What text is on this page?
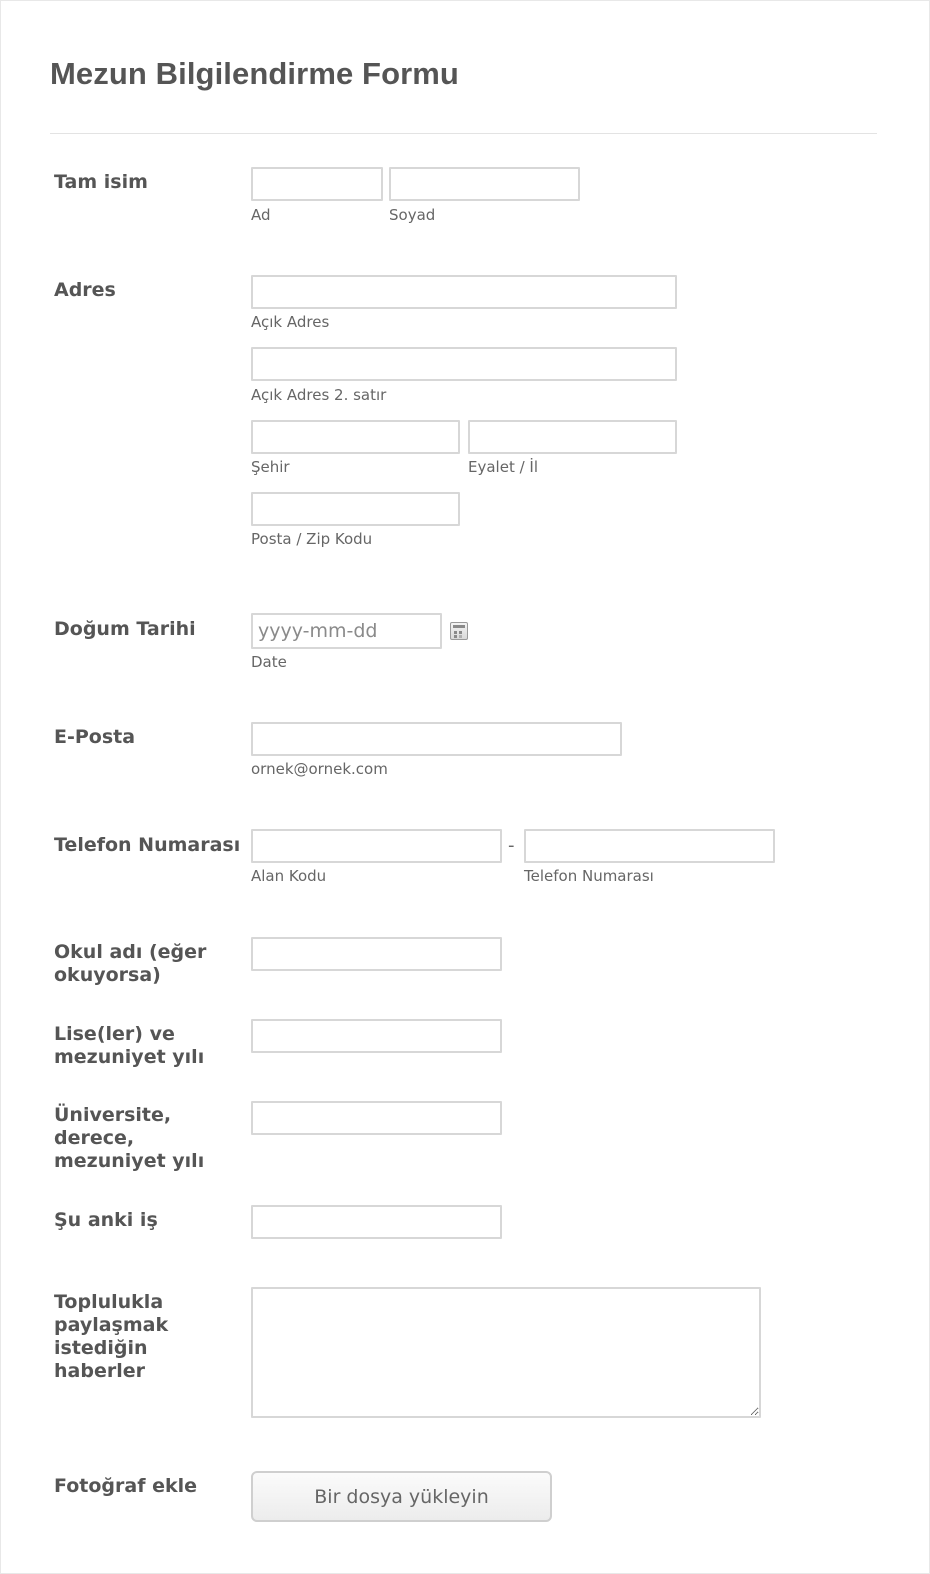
Mezun Bilgilendirme Formu
Tam isim
Ad	Soyad
Adres
Açık Adres
Açık Adres 2. satır
Şehir	Eyalet / İl
Posta / Zip Kodu
Doğum Tarihi
yyyy-mm-dd
Date
E-Posta
ornek@ornek.com
Telefon Numarası	-
Alan Kodu	Telefon Numarası
Okul adı (eğer okuyorsa)
Lise(ler) ve mezuniyet yılı
Üniversite, derece, mezuniyet yılı
Şu anki iş
Toplulukla paylaşmak istediğin haberler
Fotoğraf ekle	Bir dosya yükleyin
